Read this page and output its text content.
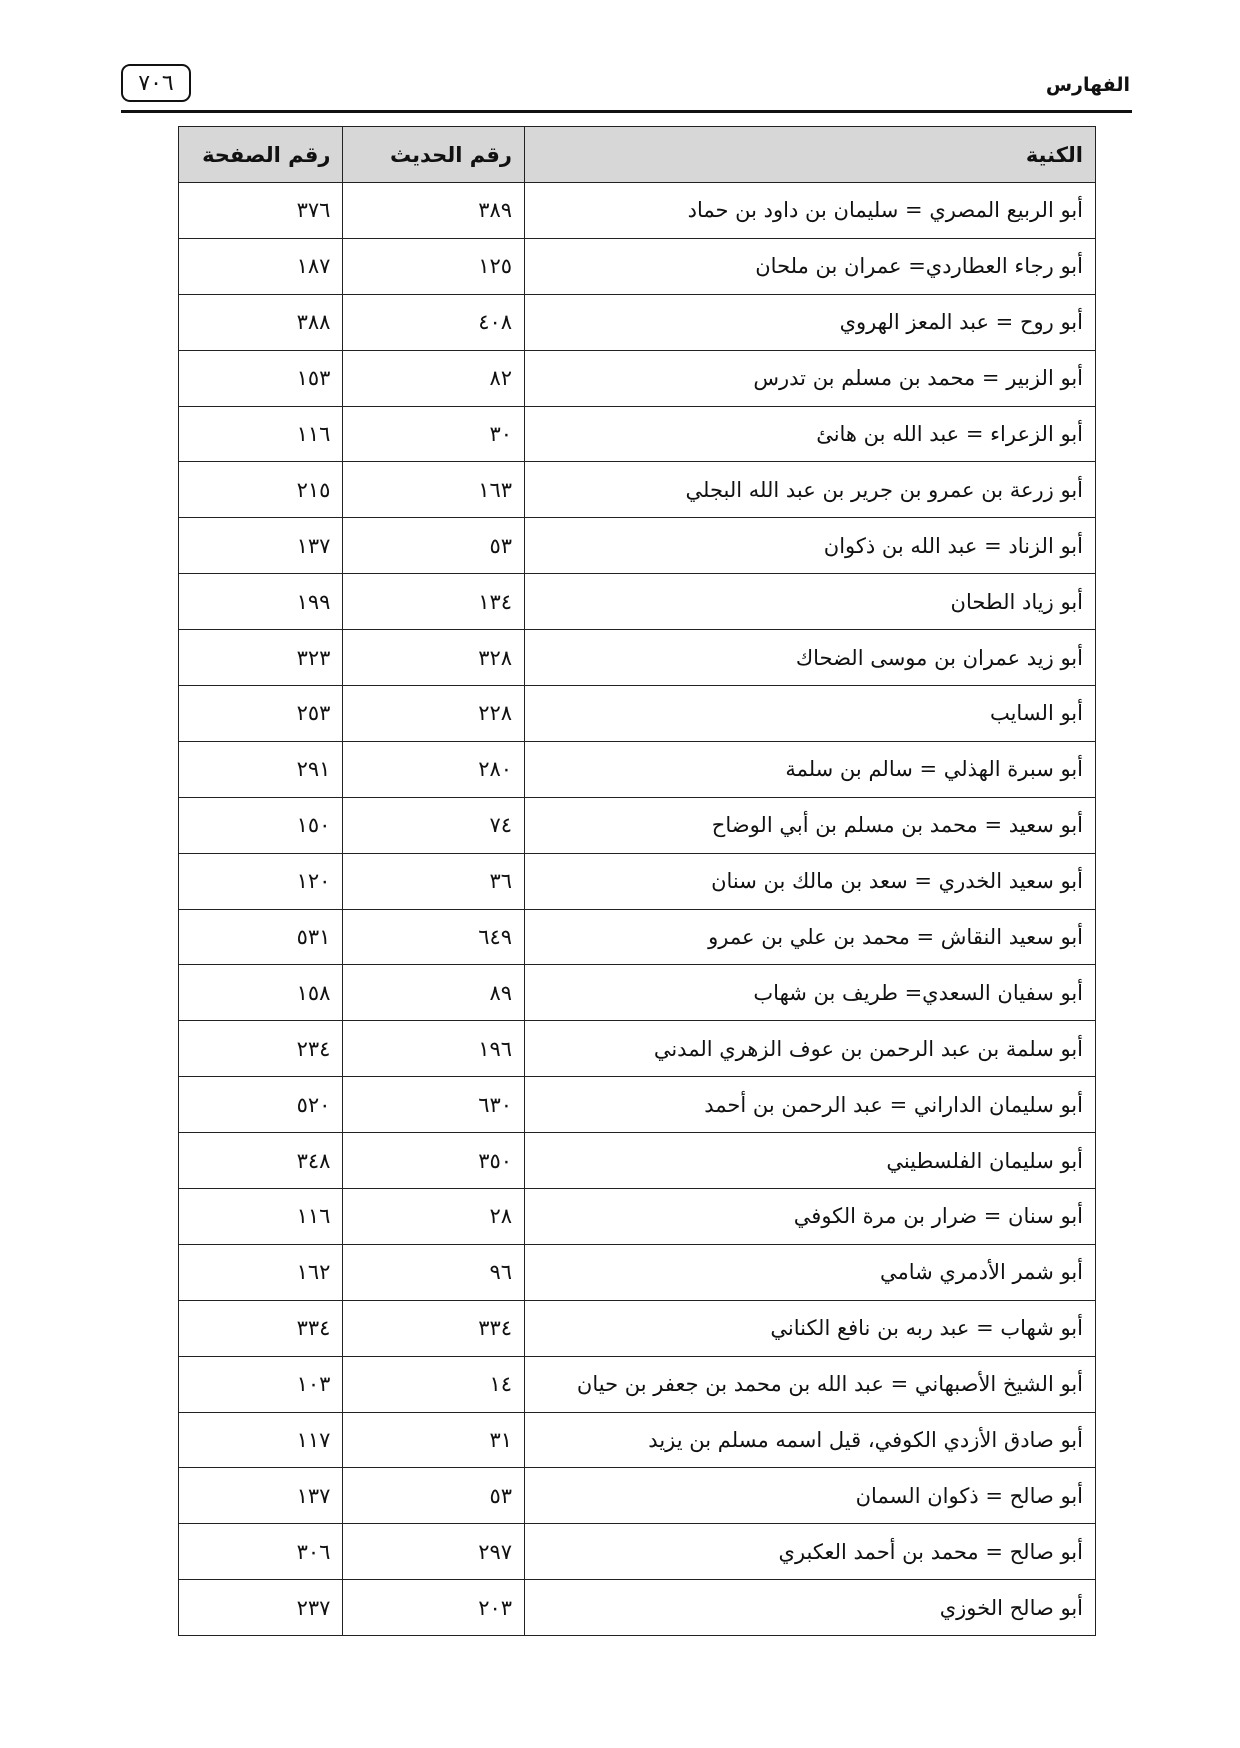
الفهارس
٧٠٦
الكنية	رقم الحديث	رقم الصفحة
أبو الربيع المصري = سليمان بن داود بن حماد	٣٨٩	٣٧٦
أبو رجاء العطاردي= عمران بن ملحان	١٢٥	١٨٧
أبو روح = عبد المعز الهروي	٤٠٨	٣٨٨
أبو الزبير = محمد بن مسلم بن تدرس	٨٢	١٥٣
أبو الزعراء = عبد الله بن هانئ	٣٠	١١٦
أبو زرعة بن عمرو بن جرير بن عبد الله البجلي	١٦٣	٢١٥
أبو الزناد = عبد الله بن ذكوان	٥٣	١٣٧
أبو زياد الطحان	١٣٤	١٩٩
أبو زيد عمران بن موسى الضحاك	٣٢٨	٣٢٣
أبو السايب	٢٢٨	٢٥٣
أبو سبرة الهذلي = سالم بن سلمة	٢٨٠	٢٩١
أبو سعيد = محمد بن مسلم بن أبي الوضاح	٧٤	١٥٠
أبو سعيد الخدري = سعد بن مالك بن سنان	٣٦	١٢٠
أبو سعيد النقاش = محمد بن علي بن عمرو	٦٤٩	٥٣١
أبو سفيان السعدي= طريف بن شهاب	٨٩	١٥٨
أبو سلمة بن عبد الرحمن بن عوف الزهري المدني	١٩٦	٢٣٤
أبو سليمان الداراني = عبد الرحمن بن أحمد	٦٣٠	٥٢٠
أبو سليمان الفلسطيني	٣٥٠	٣٤٨
أبو سنان = ضرار بن مرة الكوفي	٢٨	١١٦
أبو شمر الأدمري شامي	٩٦	١٦٢
أبو شهاب = عبد ربه بن نافع الكناني	٣٣٤	٣٣٤
أبو الشيخ الأصبهاني = عبد الله بن محمد بن جعفر بن حيان	١٤	١٠٣
أبو صادق الأزدي الكوفي، قيل اسمه مسلم بن يزيد	٣١	١١٧
أبو صالح = ذكوان السمان	٥٣	١٣٧
أبو صالح = محمد بن أحمد العكبري	٢٩٧	٣٠٦
أبو صالح الخوزي	٢٠٣	٢٣٧
